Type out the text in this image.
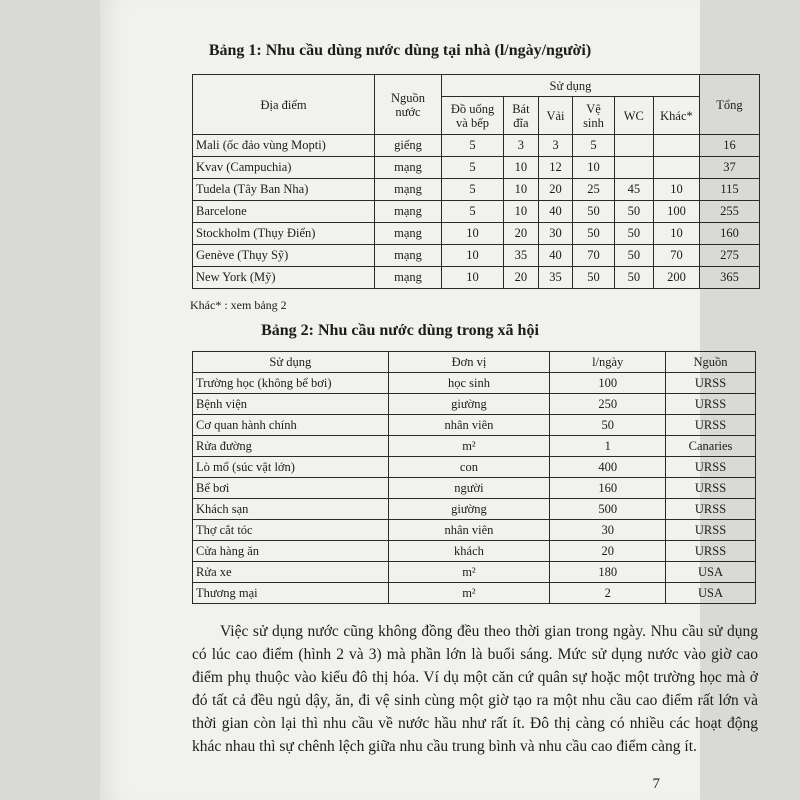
Bảng 1: Nhu cầu dùng nước dùng tại nhà (l/ngày/người)
Địa điểm	Nguồn nước	Sử dụng						Tổng
		Đồ uống và bếp	Bát đĩa	Vải	Vệ sinh	WC	Khác*	
Mali (ốc đảo vùng Mopti)	giếng	5	3	3	5			16
Kvav (Campuchia)	mạng	5	10	12	10			37
Tudela (Tây Ban Nha)	mạng	5	10	20	25	45	10	115
Barcelone	mạng	5	10	40	50	50	100	255
Stockholm (Thụy Điển)	mạng	10	20	30	50	50	10	160
Genève (Thụy Sỹ)	mạng	10	35	40	70	50	70	275
New York (Mỹ)	mạng	10	20	35	50	50	200	365
Khác* : xem bảng 2
Bảng 2: Nhu cầu nước dùng trong xã hội
Sử dụng	Đơn vị	l/ngày	Nguồn
Trường học (không bể bơi)	học sinh	100	URSS
Bệnh viện	giường	250	URSS
Cơ quan hành chính	nhân viên	50	URSS
Rửa đường	m²	1	Canaries
Lò mổ (súc vật lớn)	con	400	URSS
Bể bơi	người	160	URSS
Khách sạn	giường	500	URSS
Thợ cắt tóc	nhân viên	30	URSS
Cửa hàng ăn	khách	20	URSS
Rửa xe	m²	180	USA
Thương mại	m²	2	USA

Việc sử dụng nước cũng không đồng đều theo thời gian trong ngày. Nhu cầu sử dụng có lúc cao điểm (hình 2 và 3) mà phần lớn là buổi sáng. Mức sử dụng nước vào giờ cao điểm phụ thuộc vào kiểu đô thị hóa. Ví dụ một căn cứ quân sự hoặc một trường học mà ở đó tất cả đều ngủ dậy, ăn, đi vệ sinh cùng một giờ tạo ra một nhu cầu cao điểm rất lớn và thời gian còn lại thì nhu cầu về nước hầu như rất ít. Đô thị càng có nhiều các hoạt động khác nhau thì sự chênh lệch giữa nhu cầu trung bình và nhu cầu cao điểm càng ít.

7
